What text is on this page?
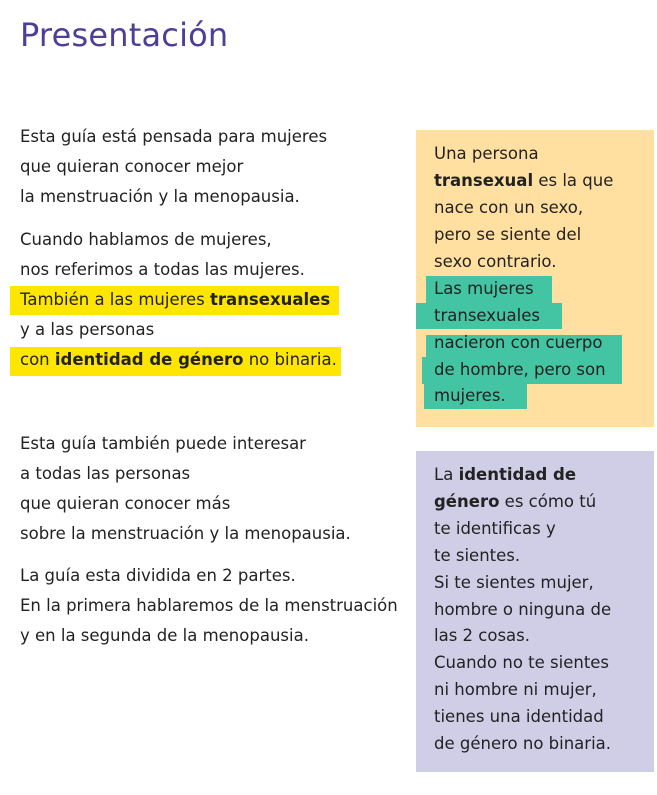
Presentación
Esta guía está pensada para mujeres
que quieran conocer mejor
la menstruación y la menopausia.
Cuando hablamos de mujeres,
nos referimos a todas las mujeres.
También a las mujeres transexuales
y a las personas
con identidad de género no binaria.
Esta guía también puede interesar
a todas las personas
que quieran conocer más
sobre la menstruación y la menopausia.
La guía esta dividida en 2 partes.
En la primera hablaremos de la menstruación
y en la segunda de la menopausia.
Una persona
transexual es la que
nace con un sexo,
pero se siente del
sexo contrario.
Las mujeres
transexuales
nacieron con cuerpo
de hombre, pero son
mujeres.
La identidad de
género es cómo tú
te identificas y
te sientes.
Si te sientes mujer,
hombre o ninguna de
las 2 cosas.
Cuando no te sientes
ni hombre ni mujer,
tienes una identidad
de género no binaria.
